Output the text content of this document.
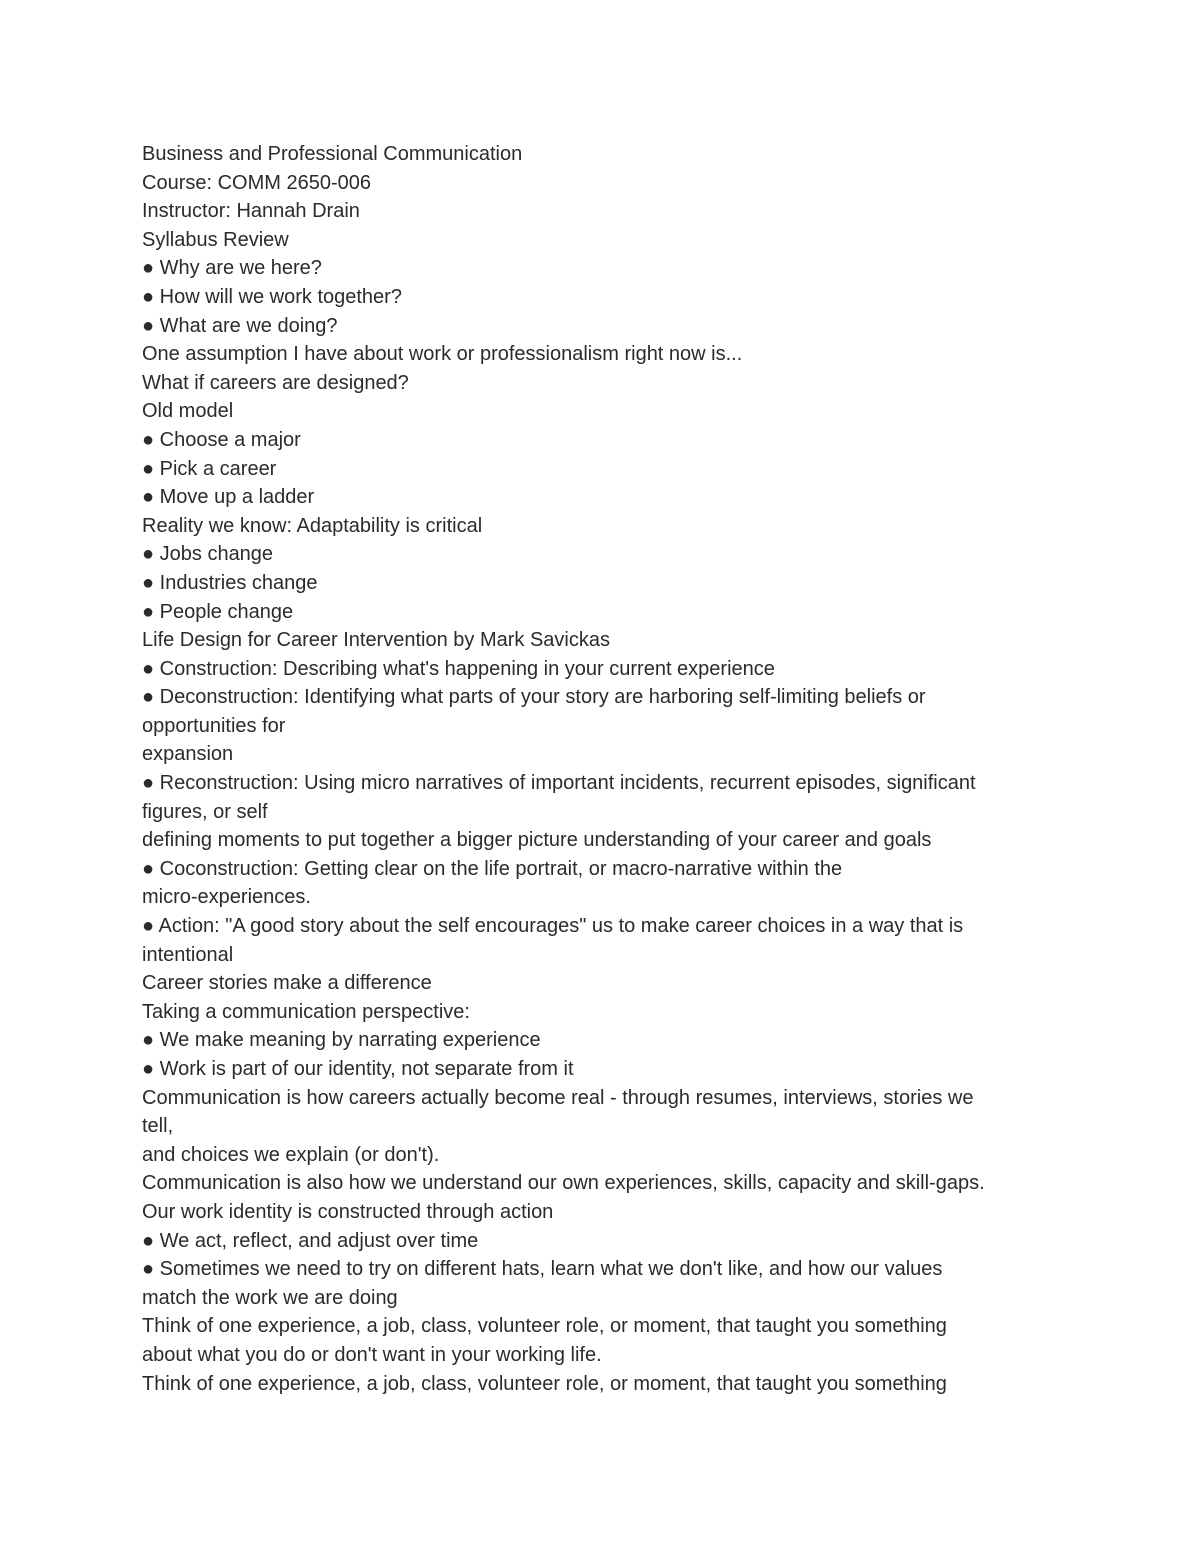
Business and Professional Communication

Course: COMM 2650-006

Instructor: Hannah Drain

Syllabus Review

● Why are we here?

● How will we work together?

● What are we doing?

One assumption I have about work or professionalism right now is...

What if careers are designed?

Old model

● Choose a major

● Pick a career

● Move up a ladder

Reality we know: Adaptability is critical

● Jobs change

● Industries change

● People change

Life Design for Career Intervention by Mark Savickas

● Construction: Describing what's happening in your current experience

● Deconstruction: Identifying what parts of your story are harboring self-limiting beliefs or

opportunities for

expansion

● Reconstruction: Using micro narratives of important incidents, recurrent episodes, significant

figures, or self

defining moments to put together a bigger picture understanding of your career and goals

● Coconstruction: Getting clear on the life portrait, or macro-narrative within the

micro-experiences.

● Action: "A good story about the self encourages" us to make career choices in a way that is

intentional

Career stories make a difference

Taking a communication perspective:

● We make meaning by narrating experience

● Work is part of our identity, not separate from it

Communication is how careers actually become real - through resumes, interviews, stories we

tell,

and choices we explain (or don't).

Communication is also how we understand our own experiences, skills, capacity and skill-gaps.

Our work identity is constructed through action

● We act, reflect, and adjust over time

● Sometimes we need to try on different hats, learn what we don't like, and how our values

match the work we are doing

Think of one experience, a job, class, volunteer role, or moment, that taught you something

about what you do or don't want in your working life.

Think of one experience, a job, class, volunteer role, or moment, that taught you something
